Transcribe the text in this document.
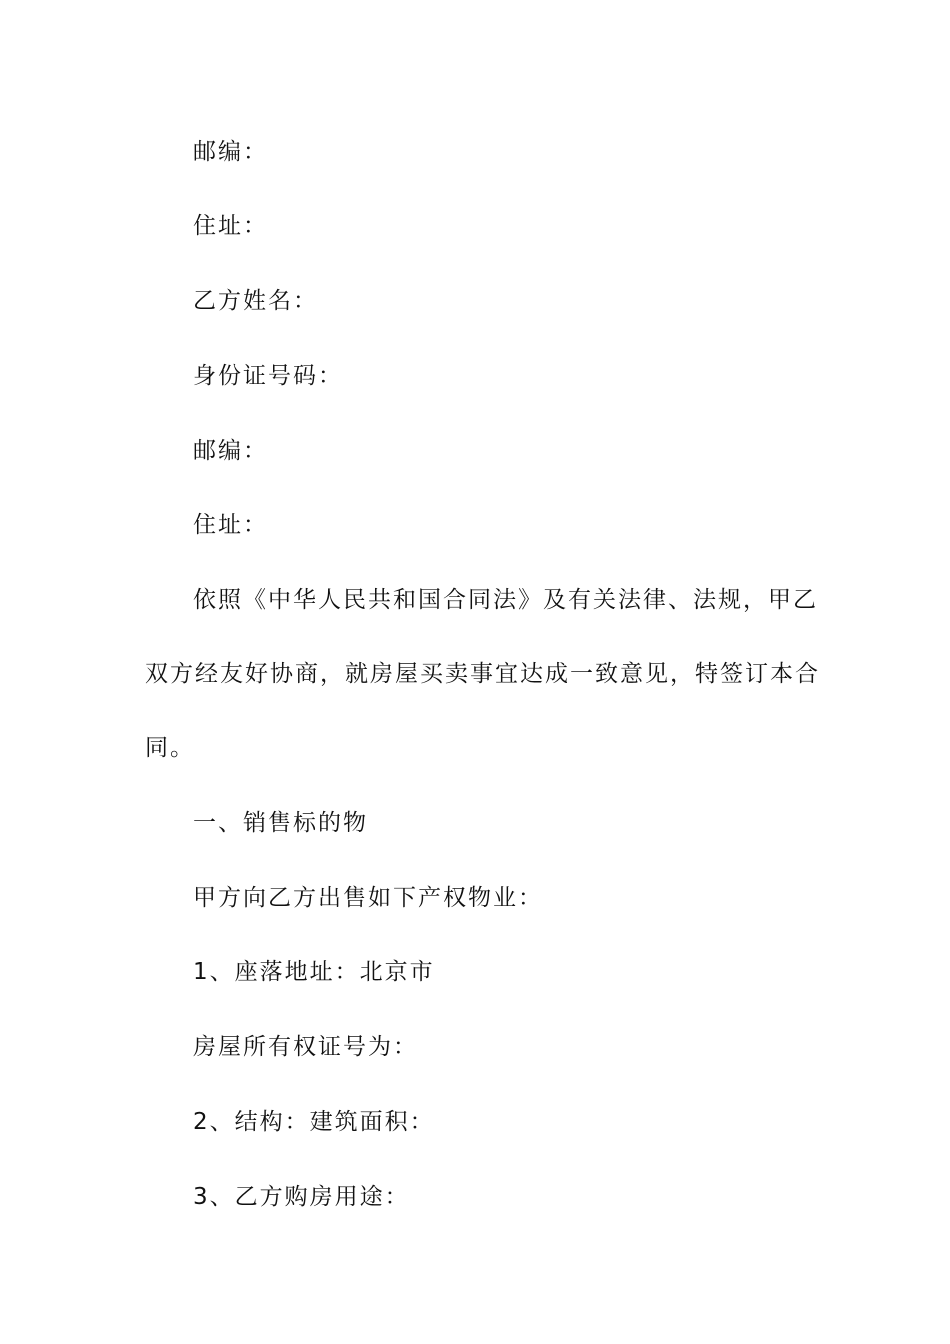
邮编：
住址：
乙方姓名：
身份证号码：
邮编：
住址：
依照《中华人民共和国合同法》及有关法律、法规，甲乙
双方经友好协商，就房屋买卖事宜达成一致意见，特签订本合
同。
一、销售标的物
甲方向乙方出售如下产权物业：
1、座落地址：北京市
房屋所有权证号为：
2、结构：建筑面积：
3、乙方购房用途：
